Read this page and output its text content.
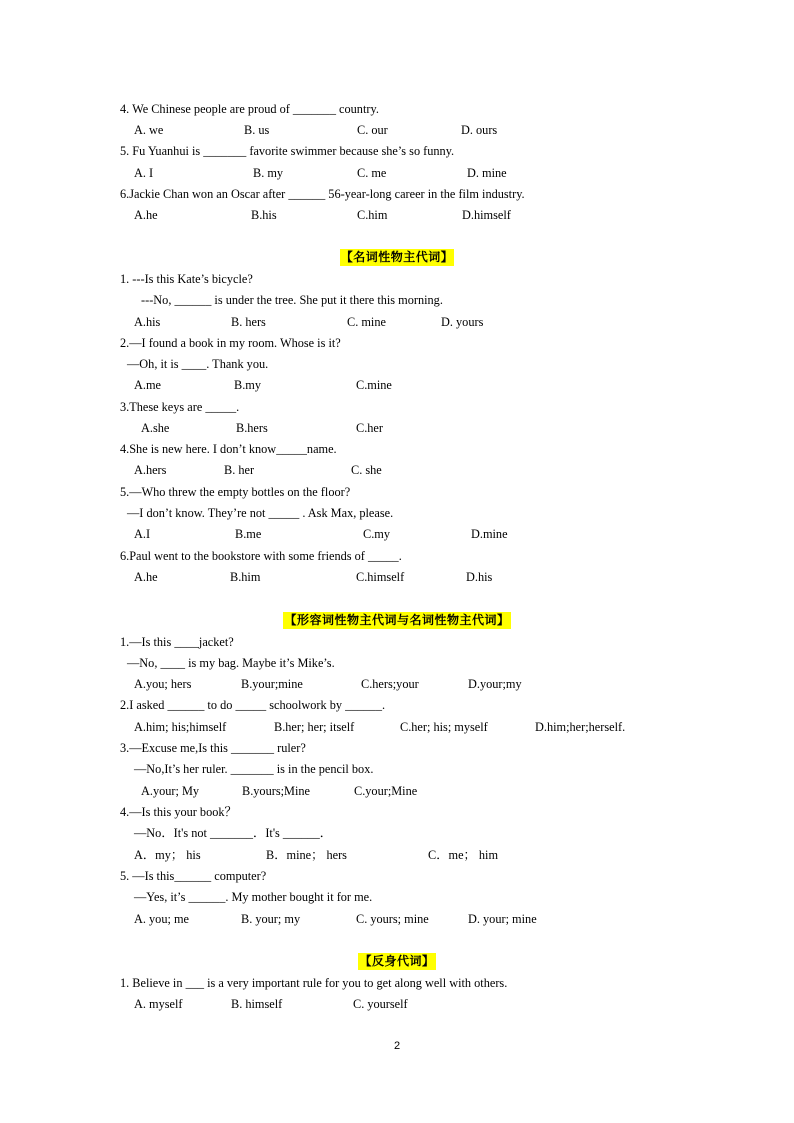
4. We Chinese people are proud of _______ country.
A. we	B. us	C. our	D. ours
5. Fu Yuanhui is _______ favorite swimmer because she’s so funny.
A. I	B. my	C. me	D. mine
6.Jackie Chan won an Oscar after ______ 56-year-long career in the film industry.
A.he	B.his	C.him	D.himself
【名词性物主代词】
1. ---Is this Kate’s bicycle?
---No, ______ is under the tree. She put it there this morning.
A.his	B. hers	C. mine	D. yours
2.—I found a book in my room. Whose is it?
—Oh, it is ____. Thank you.
A.me	B.my	C.mine
3.These keys are _____.
A.she	B.hers	C.her
4.She is new here. I don’t know_____name.
A.hers	B. her	C. she
5.—Who threw the empty bottles on the floor?
—I don’t know. They’re not _____ . Ask Max, please.
A.I	B.me	C.my	D.mine
6.Paul went to the bookstore with some friends of _____.
A.he	B.him	C.himself	D.his
【形容词性物主代词与名词性物主代词】
1.—Is this ____jacket?
—No, ____ is my bag. Maybe it’s Mike’s.
A.you; hers	B.your;mine	C.hers;your	D.your;my
2.I asked ______ to do _____ schoolwork by ______.
A.him; his;himself	B.her; her; itself	C.her; his; myself	D.him;her;herself.
3.—Excuse me,Is this _______ ruler?
—No,It’s her ruler. _______ is in the pencil box.
A.your; My	B.yours;Mine	C.your;Mine
4.—Is this your book？
—No．It's not _______．It's ______．
A．my； his	B．mine； hers	C．me； him
5. —Is this______ computer?
—Yes, it’s ______. My mother bought it for me.
A. you; me	B. your; my	C. yours; mine	D. your; mine
【反身代词】
1. Believe in ___ is a very important rule for you to get along well with others.
A. myself	B. himself	C. yourself
2
